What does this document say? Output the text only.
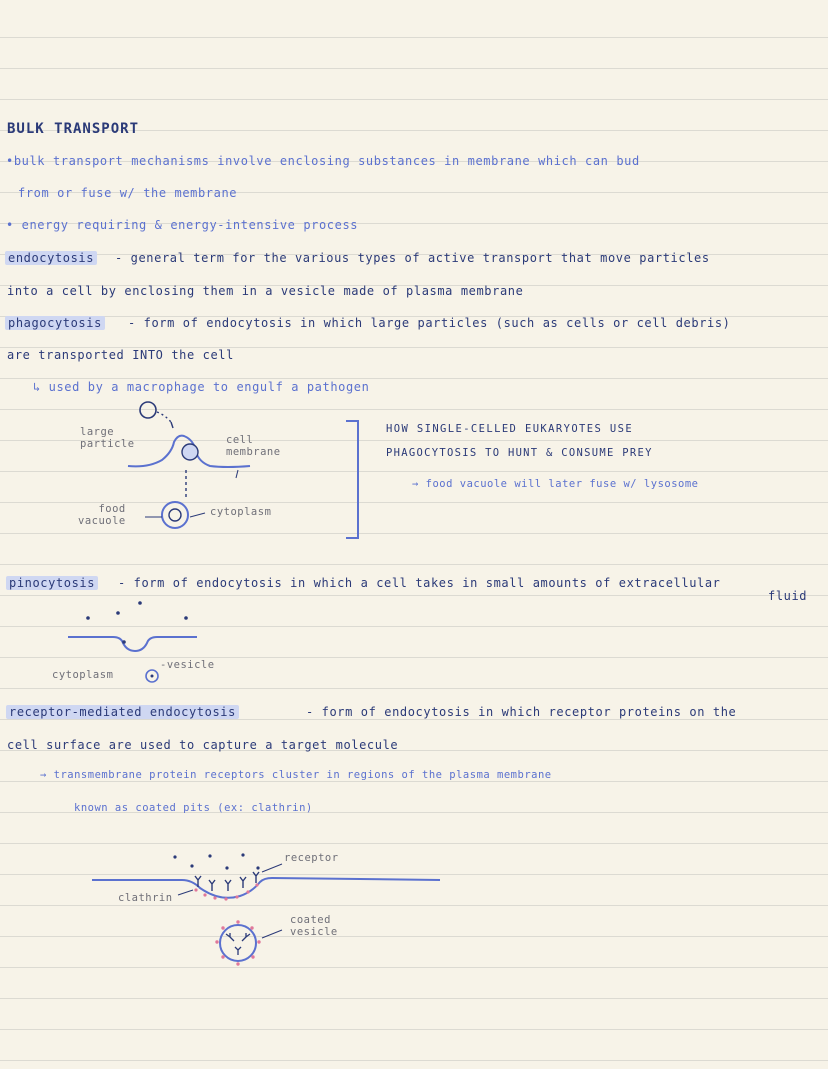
BULK TRANSPORT

•bulk transport mechanisms involve enclosing substances in membrane which can bud

from or fuse w/ the membrane

• energy requiring & energy-intensive process

endocytosis - general term for the various types of active transport that move particles

into a cell by enclosing them in a vesicle made of plasma membrane

phagocytosis - form of endocytosis in which large particles (such as cells or cell debris)

are transported INTO the cell

↳ used by a macrophage to engulf a pathogen

large
particle	cell
membrane

food
vacuole

cytoplasm

HOW SINGLE-CELLED EUKARYOTES USE

PHAGOCYTOSIS TO HUNT & CONSUME PREY

→ food vacuole will later fuse w/ lysosome

pinocytosis - form of endocytosis in which a cell takes in small amounts of extracellular

fluid

cytoplasm

-vesicle

receptor-mediated endocytosis	- form of endocytosis in which receptor proteins on the

cell surface are used to capture a target molecule

→ transmembrane protein receptors cluster in regions of the plasma membrane

known as coated pits (ex: clathrin)

receptor

clathrin

coated
vesicle
